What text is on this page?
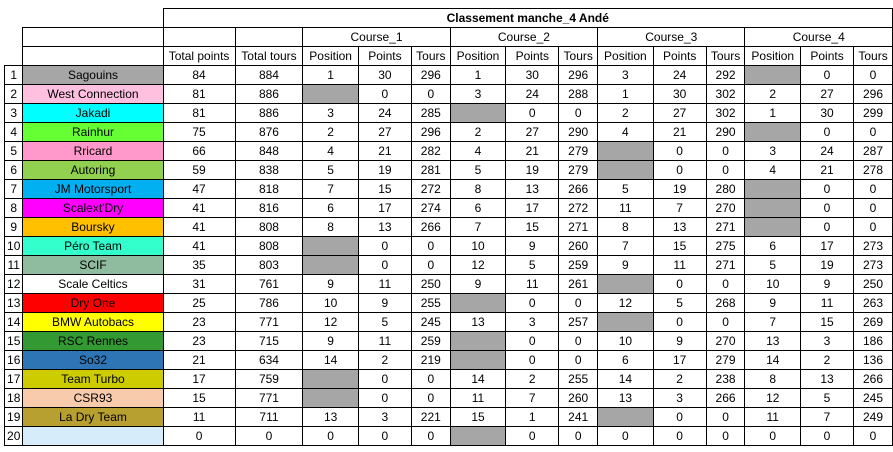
		Classement manche_4 Andé													
				Course_1			Course_2			Course_3			Course_4		
		Total points	Total tours	Position	Points	Tours	Position	Points	Tours	Position	Points	Tours	Position	Points	Tours
1	Sagouins	84	884	1	30	296	1	30	296	3	24	292		0	0
2	West Connection	81	886		0	0	3	24	288	1	30	302	2	27	296
3	Jakadi	81	886	3	24	285		0	0	2	27	302	1	30	299
4	Rainhur	75	876	2	27	296	2	27	290	4	21	290		0	0
5	Rricard	66	848	4	21	282	4	21	279		0	0	3	24	287
6	Autoring	59	838	5	19	281	5	19	279		0	0	4	21	278
7	JM Motorsport	47	818	7	15	272	8	13	266	5	19	280		0	0
8	Scalext'Dry	41	816	6	17	274	6	17	272	11	7	270		0	0
9	Boursky	41	808	8	13	266	7	15	271	8	13	271		0	0
10	Péro Team	41	808		0	0	10	9	260	7	15	275	6	17	273
11	SCIF	35	803		0	0	12	5	259	9	11	271	5	19	273
12	Scale Celtics	31	761	9	11	250	9	11	261		0	0	10	9	250
13	Dry One	25	786	10	9	255		0	0	12	5	268	9	11	263
14	BMW Autobacs	23	771	12	5	245	13	3	257		0	0	7	15	269
15	RSC Rennes	23	715	9	11	259		0	0	10	9	270	13	3	186
16	So32	21	634	14	2	219		0	0	6	17	279	14	2	136
17	Team Turbo	17	759		0	0	14	2	255	14	2	238	8	13	266
18	CSR93	15	771		0	0	11	7	260	13	3	266	12	5	245
19	La Dry Team	11	711	13	3	221	15	1	241		0	0	11	7	249
20		0	0	0	0	0		0	0	0	0	0	0	0	0
